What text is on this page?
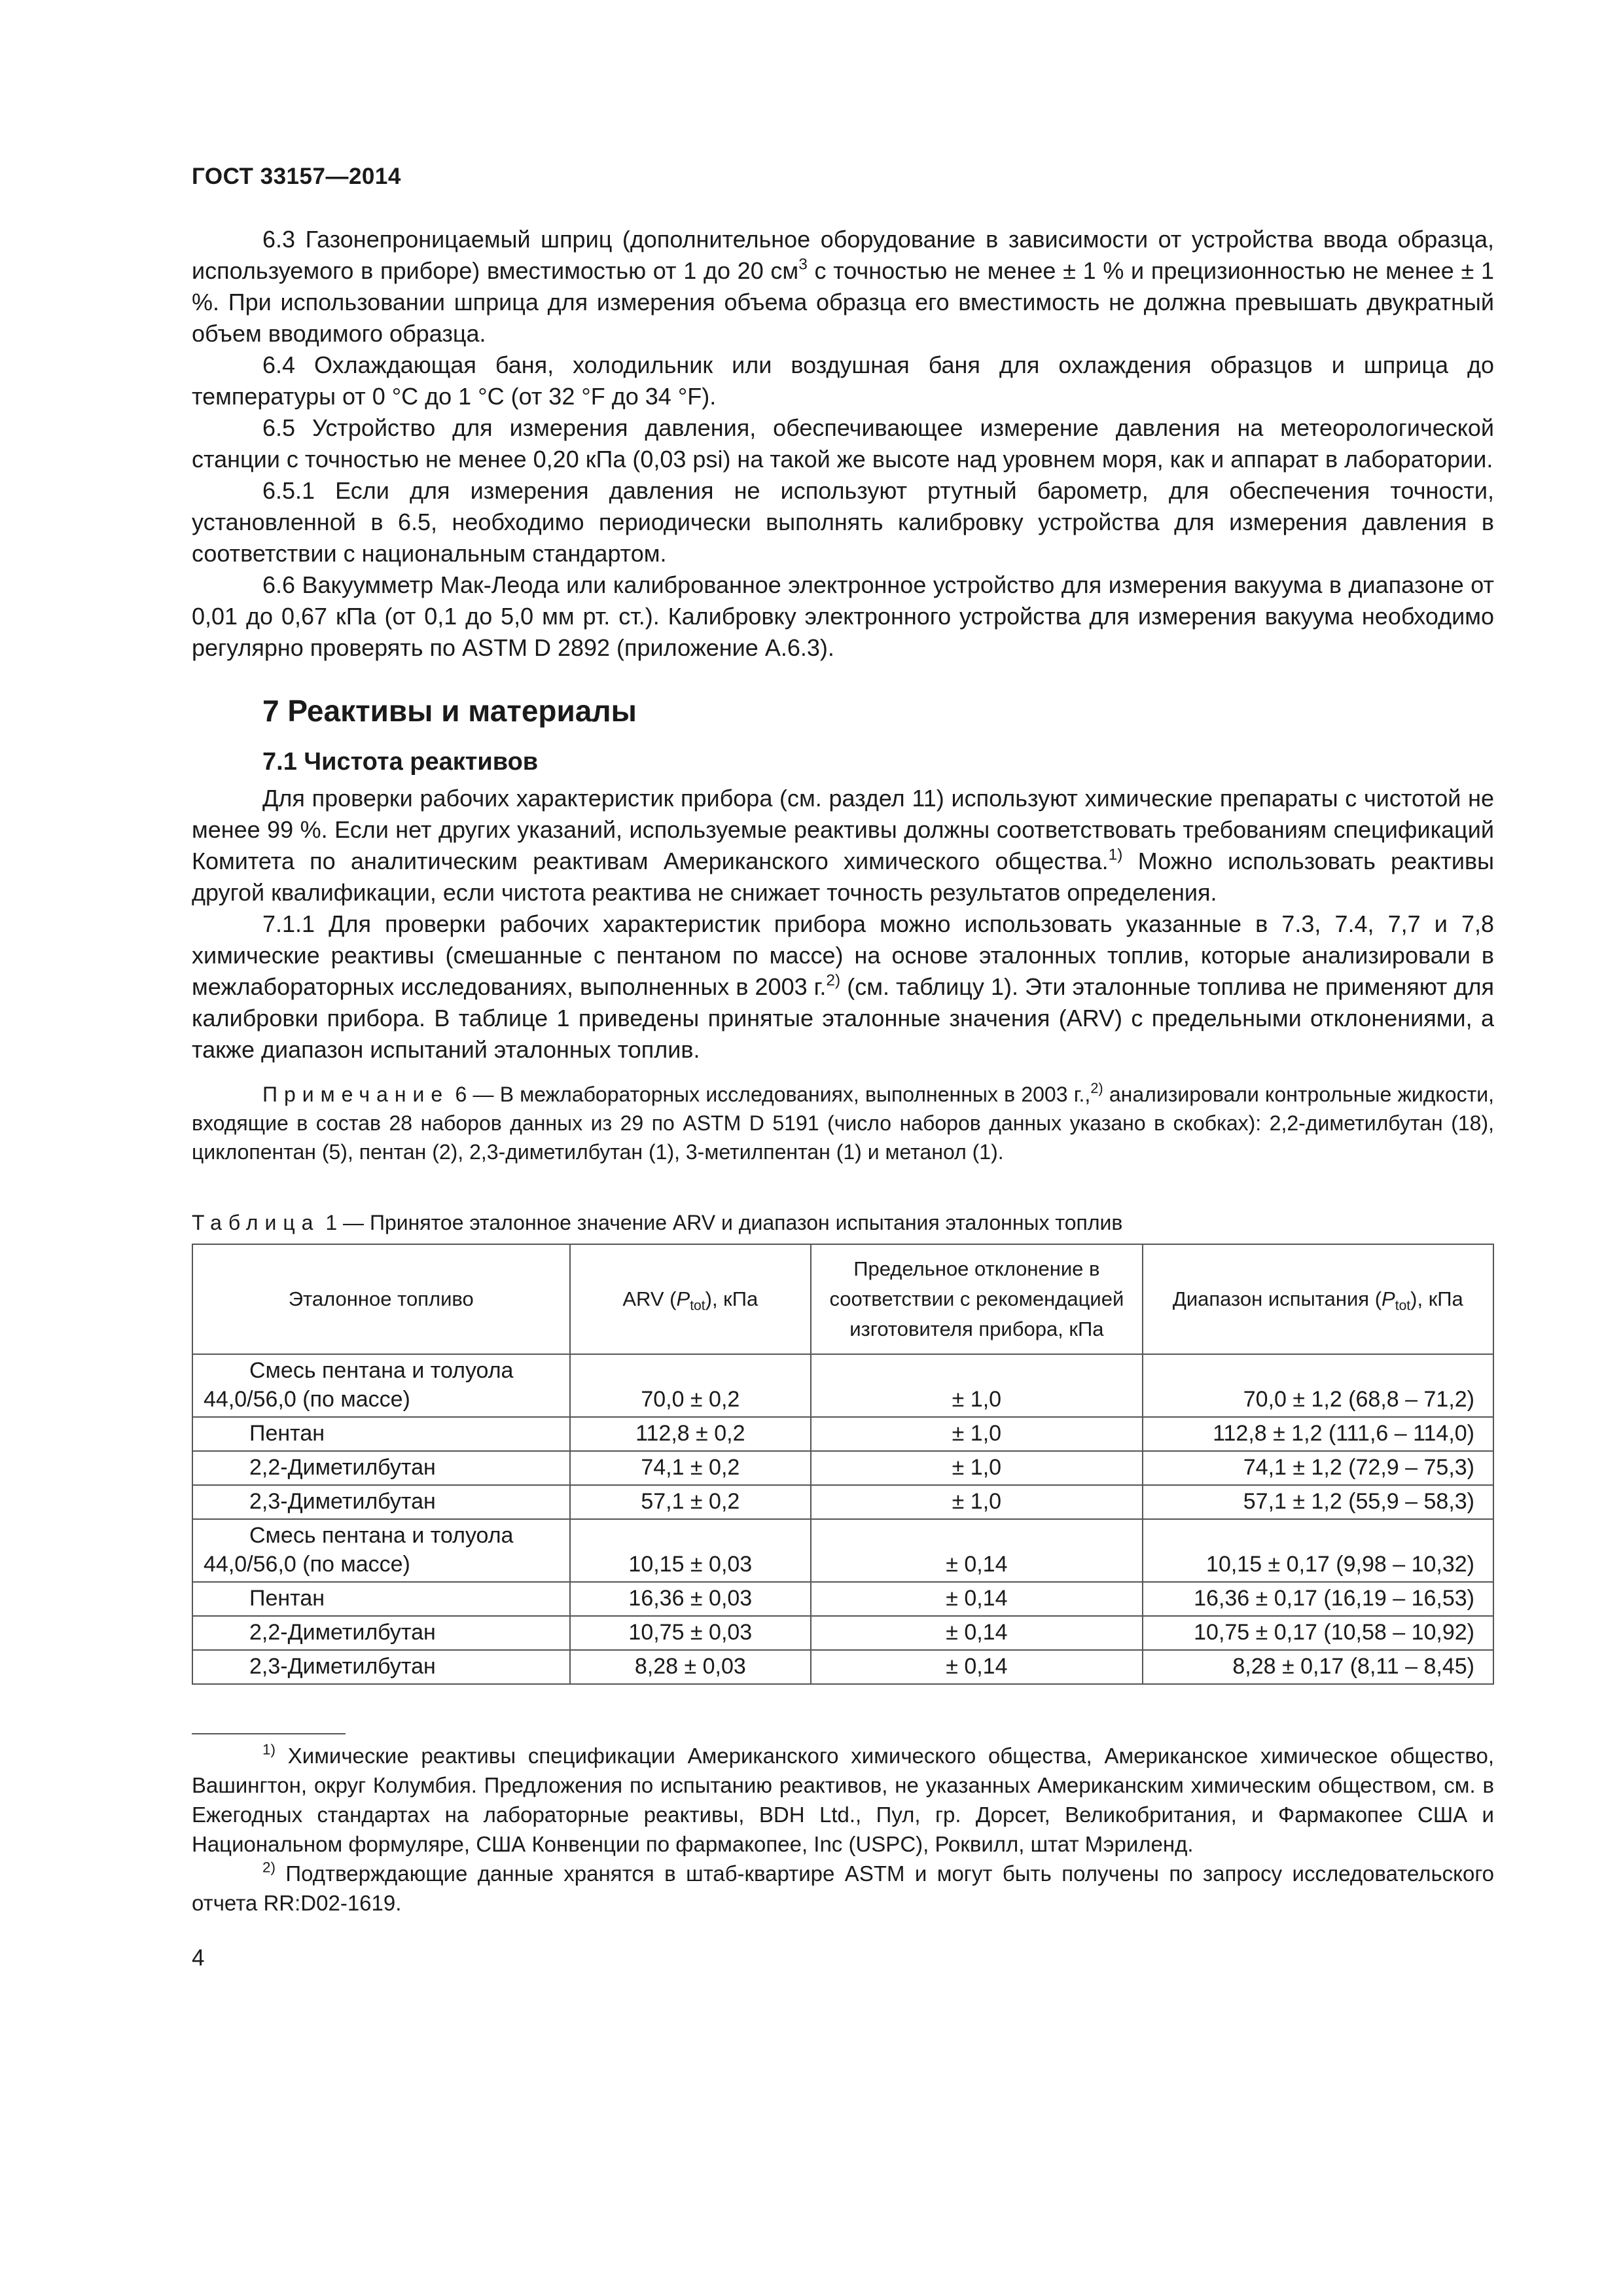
ГОСТ 33157—2014

6.3 Газонепроницаемый шприц (дополнительное оборудование в зависимости от устройства ввода образца, используемого в приборе) вместимостью от 1 до 20 $см^3$ с точностью не менее ± 1 % и прецизионностью не менее ± 1 %. При использовании шприца для измерения объема образца его вместимость не должна превышать двукратный объем вводимого образца.

6.4 Охлаждающая баня, холодильник или воздушная баня для охлаждения образцов и шприца до температуры от 0 °С до 1 °С (от 32 °F до 34 °F).

6.5 Устройство для измерения давления, обеспечивающее измерение давления на метеорологической станции с точностью не менее 0,20 кПа (0,03 psi) на такой же высоте над уровнем моря, как и аппарат в лаборатории.

6.5.1 Если для измерения давления не используют ртутный барометр, для обеспечения точности, установленной в 6.5, необходимо периодически выполнять калибровку устройства для измерения давления в соответствии с национальным стандартом.

6.6 Вакуумметр Мак-Леода или калиброванное электронное устройство для измерения вакуума в диапазоне от 0,01 до 0,67 кПа (от 0,1 до 5,0 мм рт. ст.). Калибровку электронного устройства для измерения вакуума необходимо регулярно проверять по ASTM D 2892 (приложение А.6.3).

7 Реактивы и материалы
7.1 Чистота реактивов

Для проверки рабочих характеристик прибора (см. раздел 11) используют химические препараты с чистотой не менее 99 %. Если нет других указаний, используемые реактивы должны соответствовать требованиям спецификаций Комитета по аналитическим реактивам Американского химического общества.$^{1)}$ Можно использовать реактивы другой квалификации, если чистота реактива не снижает точность результатов определения.

7.1.1 Для проверки рабочих характеристик прибора можно использовать указанные в 7.3, 7.4, 7,7 и 7,8 химические реактивы (смешанные с пентаном по массе) на основе эталонных топлив, которые анализировали в межлабораторных исследованиях, выполненных в 2003 г.$^{2)}$ (см. таблицу 1). Эти эталонные топлива не применяют для калибровки прибора. В таблице 1 приведены принятые эталонные значения (ARV) с предельными отклонениями, а также диапазон испытаний эталонных топлив.

Примечание 6 — В межлабораторных исследованиях, выполненных в 2003 г.,$^{2)}$ анализировали контрольные жидкости, входящие в состав 28 наборов данных из 29 по ASTM D 5191 (число наборов данных указано в скобках): 2,2-диметилбутан (18), циклопентан (5), пентан (2), 2,3-диметилбутан (1), 3-метилпентан (1) и метанол (1).

Таблица 1 — Принятое эталонное значение ARV и диапазон испытания эталонных топлив
Эталонное топливо	ARV $(P_{tot})$, кПа	Предельное отклонение в соответствии с рекомендацией изготовителя прибора, кПа	Диапазон испытания $(P_{tot})$, кПа
Смесь пентана и толуола
44,0/56,0 (по массе)	70,0 ± 0,2	± 1,0	70,0 ± 1,2 (68,8 – 71,2)
Пентан	112,8 ± 0,2	± 1,0	112,8 ± 1,2 (111,6 – 114,0)
2,2-Диметилбутан	74,1 ± 0,2	± 1,0	74,1 ± 1,2 (72,9 – 75,3)
2,3-Диметилбутан	57,1 ± 0,2	± 1,0	57,1 ± 1,2 (55,9 – 58,3)
Смесь пентана и толуола
44,0/56,0 (по массе)	10,15 ± 0,03	± 0,14	10,15 ± 0,17 (9,98 – 10,32)
Пентан	16,36 ± 0,03	± 0,14	16,36 ± 0,17 (16,19 – 16,53)
2,2-Диметилбутан	10,75 ± 0,03	± 0,14	10,75 ± 0,17 (10,58 – 10,92)
2,3-Диметилбутан	8,28 ± 0,03	± 0,14	8,28 ± 0,17 (8,11 – 8,45)

$^{1)}$ Химические реактивы спецификации Американского химического общества, Американское химическое общество, Вашингтон, округ Колумбия. Предложения по испытанию реактивов, не указанных Американским химическим обществом, см. в Ежегодных стандартах на лабораторные реактивы, BDH Ltd., Пул, гр. Дорсет, Великобритания, и Фармакопее США и Национальном формуляре, США Конвенции по фармакопее, Inc (USPC), Роквилл, штат Мэриленд.

$^{2)}$ Подтверждающие данные хранятся в штаб-квартире ASTM и могут быть получены по запросу исследовательского отчета RR:D02-1619.

4
